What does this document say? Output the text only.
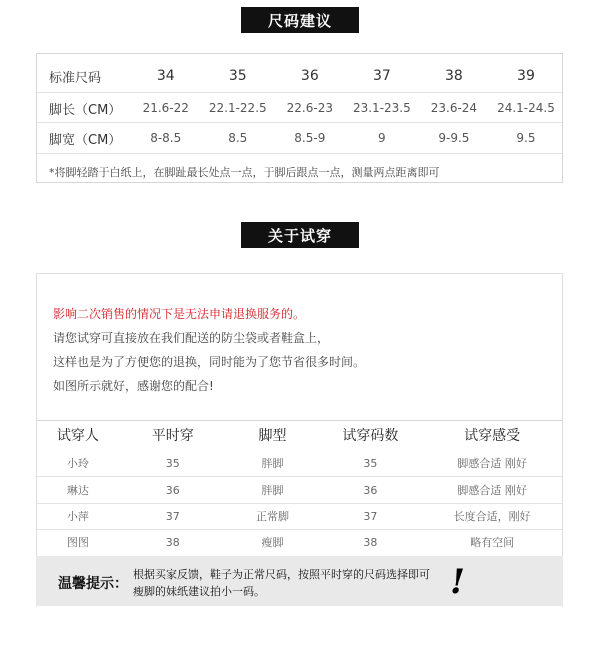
尺码建议
标准尺码	34	35	36	37	38	39
脚长（CM）	21.6-22	22.1-22.5	22.6-23	23.1-23.5	23.6-24	24.1-24.5
脚宽（CM）	8-8.5	8.5	8.5-9	9	9-9.5	9.5
*将脚轻踏于白纸上，在脚趾最长处点一点，于脚后跟点一点，测量两点距离即可
关于试穿
影响二次销售的情况下是无法申请退换服务的。
请您试穿可直接放在我们配送的防尘袋或者鞋盒上，
这样也是为了方便您的退换，同时能为了您节省很多时间。
如图所示就好，感谢您的配合!
试穿人	平时穿	脚型	试穿码数	试穿感受
小玲	35	胖脚	35	脚感合适 刚好
琳达	36	胖脚	36	脚感合适 刚好
小萍	37	正常脚	37	长度合适，刚好
图图	38	瘦脚	38	略有空间
温馨提示：
根据买家反馈，鞋子为正常尺码，按照平时穿的尺码选择即可
瘦脚的妹纸建议拍小一码。	!
